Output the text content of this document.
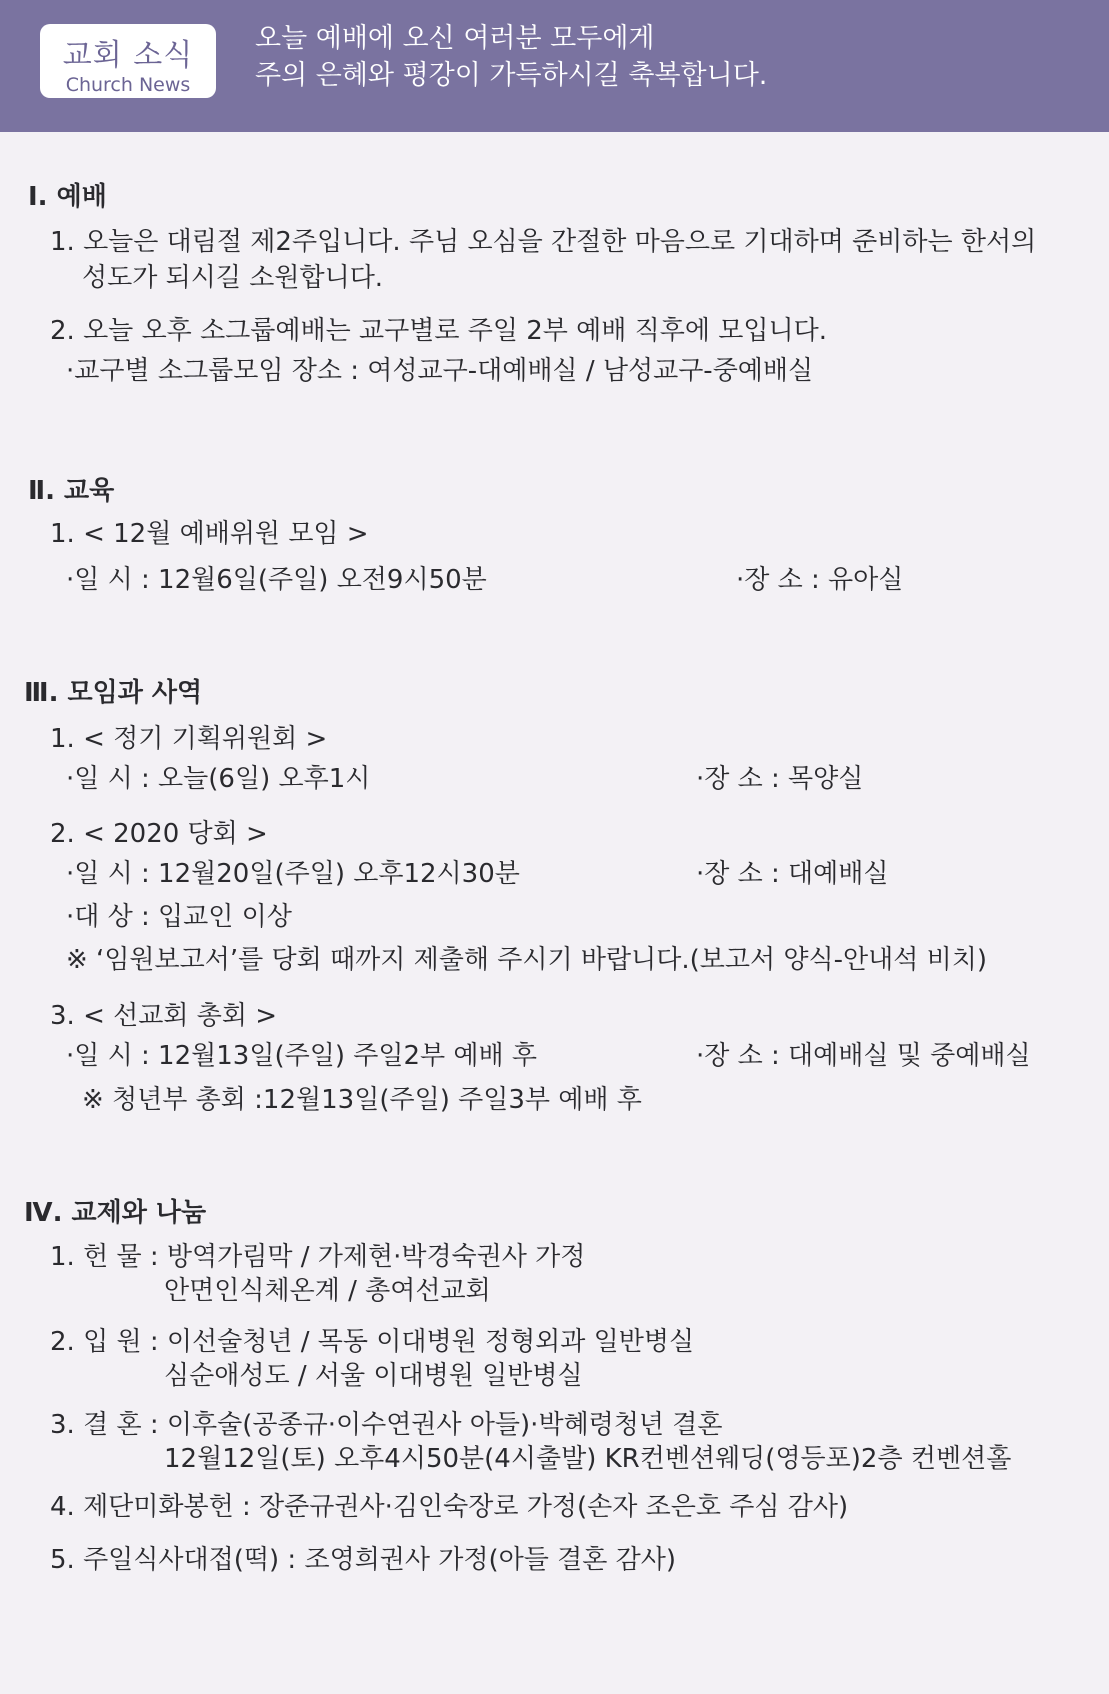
교회 소식
Church News
오늘 예배에 오신 여러분 모두에게
주의 은혜와 평강이 가득하시길 축복합니다.
Ⅰ. 예배
1. 오늘은 대림절 제2주입니다. 주님 오심을 간절한 마음으로 기대하며 준비하는 한서의
성도가 되시길 소원합니다.
2. 오늘 오후 소그룹예배는 교구별로 주일 2부 예배 직후에 모입니다.
·교구별 소그룹모임 장소 : 여성교구-대예배실 / 남성교구-중예배실
Ⅱ. 교육
1. < 12월 예배위원 모임 >
·일 시 : 12월6일(주일) 오전9시50분	·장 소 : 유아실
Ⅲ. 모임과 사역
1. < 정기 기획위원회 >
·일 시 : 오늘(6일) 오후1시	·장 소 : 목양실
2. < 2020 당회 >
·일 시 : 12월20일(주일) 오후12시30분	·장 소 : 대예배실
·대 상 : 입교인 이상
※ ‘임원보고서’를 당회 때까지 제출해 주시기 바랍니다.(보고서 양식-안내석 비치)
3. < 선교회 총회 >
·일 시 : 12월13일(주일) 주일2부 예배 후	·장 소 : 대예배실 및 중예배실
※ 청년부 총회 :12월13일(주일) 주일3부 예배 후
Ⅳ. 교제와 나눔
1. 헌 물 : 방역가림막 / 가제현·박경숙권사 가정
안면인식체온계 / 총여선교회
2. 입 원 : 이선술청년 / 목동 이대병원 정형외과 일반병실
심순애성도 / 서울 이대병원 일반병실
3. 결 혼 : 이후술(공종규·이수연권사 아들)·박혜령청년 결혼
12월12일(토) 오후4시50분(4시출발) KR컨벤션웨딩(영등포)2층 컨벤션홀
4. 제단미화봉헌 : 장준규권사·김인숙장로 가정(손자 조은호 주심 감사)
5. 주일식사대접(떡) : 조영희권사 가정(아들 결혼 감사)
